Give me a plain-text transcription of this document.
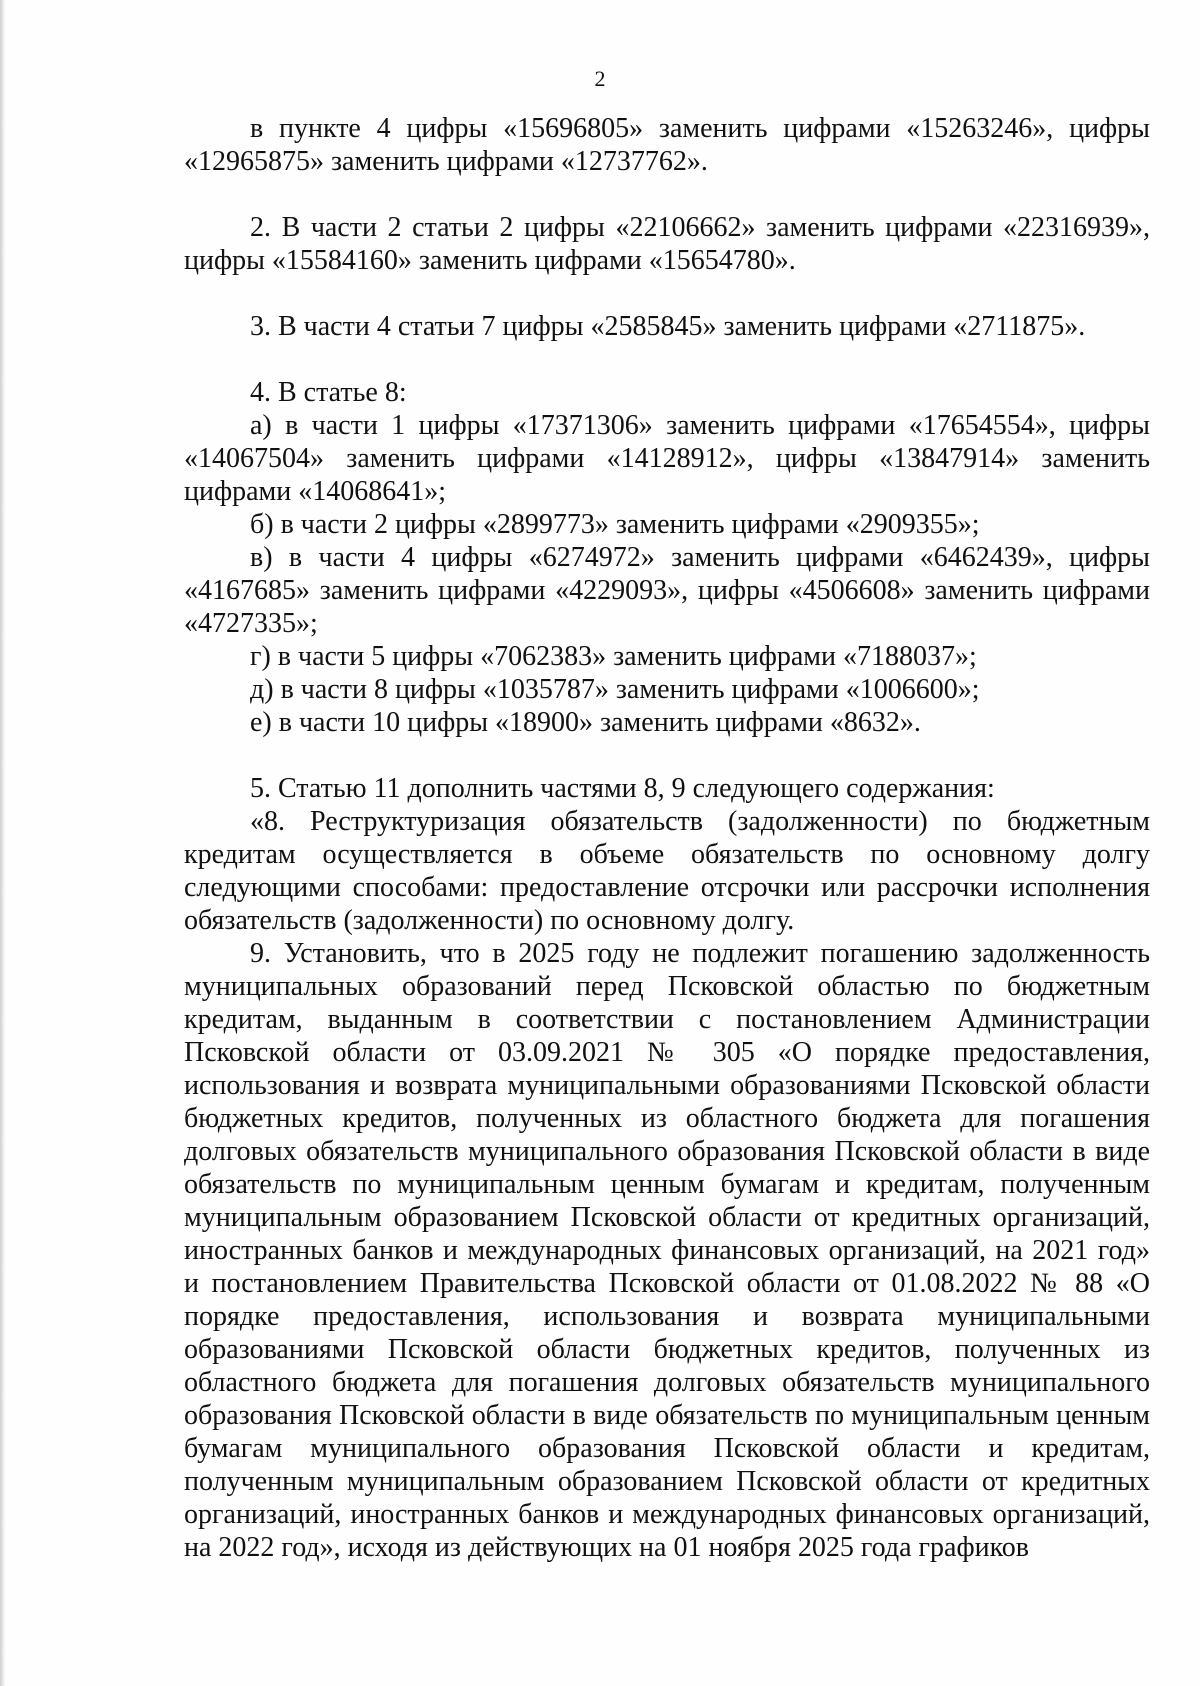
2

в пункте 4 цифры «15696805» заменить цифрами «15263246», цифры «12965875» заменить цифрами «12737762».

2. В части 2 статьи 2 цифры «22106662» заменить цифрами «22316939», цифры «15584160» заменить цифрами «15654780».

3. В части 4 статьи 7 цифры «2585845» заменить цифрами «2711875».

4. В статье 8:

а) в части 1 цифры «17371306» заменить цифрами «17654554», цифры «14067504» заменить цифрами «14128912», цифры «13847914» заменить цифрами «14068641»;

б) в части 2 цифры «2899773» заменить цифрами «2909355»;

в) в части 4 цифры «6274972» заменить цифрами «6462439», цифры «4167685» заменить цифрами «4229093», цифры «4506608» заменить цифрами «4727335»;

г) в части 5 цифры «7062383» заменить цифрами «7188037»;

д) в части 8 цифры «1035787» заменить цифрами «1006600»;

е) в части 10 цифры «18900» заменить цифрами «8632».

5. Статью 11 дополнить частями 8, 9 следующего содержания:

«8. Реструктуризация обязательств (задолженности) по бюджетным кредитам осуществляется в объеме обязательств по основному долгу следующими способами: предоставление отсрочки или рассрочки исполнения обязательств (задолженности) по основному долгу.

9. Установить, что в 2025 году не подлежит погашению задолженность муниципальных образований перед Псковской областью по бюджетным кредитам, выданным в соответствии с постановлением Администрации Псковской области от 03.09.2021 № 305 «О порядке предоставления, использования и возврата муниципальными образованиями Псковской области бюджетных кредитов, полученных из областного бюджета для погашения долговых обязательств муниципального образования Псковской области в виде обязательств по муниципальным ценным бумагам и кредитам, полученным муниципальным образованием Псковской области от кредитных организаций, иностранных банков и международных финансовых организаций, на 2021 год» и постановлением Правительства Псковской области от 01.08.2022 № 88 «О порядке предоставления, использования и возврата муниципальными образованиями Псковской области бюджетных кредитов, полученных из областного бюджета для погашения долговых обязательств муниципального образования Псковской области в виде обязательств по муниципальным ценным бумагам муниципального образования Псковской области и кредитам, полученным муниципальным образованием Псковской области от кредитных организаций, иностранных банков и международных финансовых организаций, на 2022 год», исходя из действующих на 01 ноября 2025 года графиков
